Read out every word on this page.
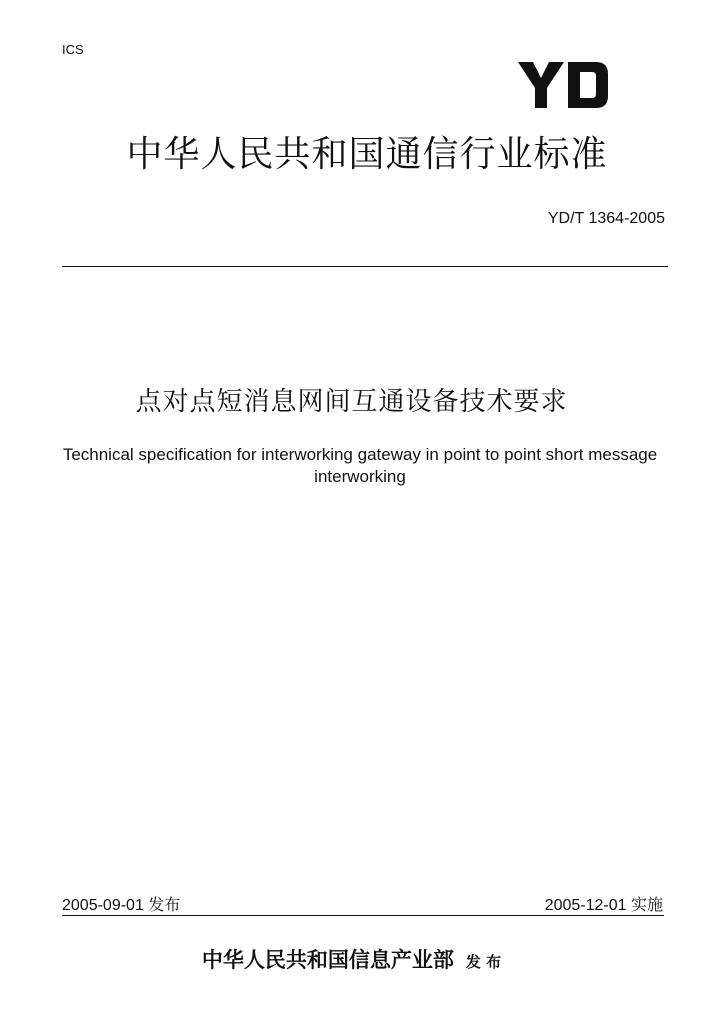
ICS
YD
中华人民共和国通信行业标准
YD/T 1364-2005
点对点短消息网间互通设备技术要求
Technical specification for interworking gateway in point to point short message interworking
2005-09-01 发布	2005-12-01 实施
中华人民共和国信息产业部 发 布
